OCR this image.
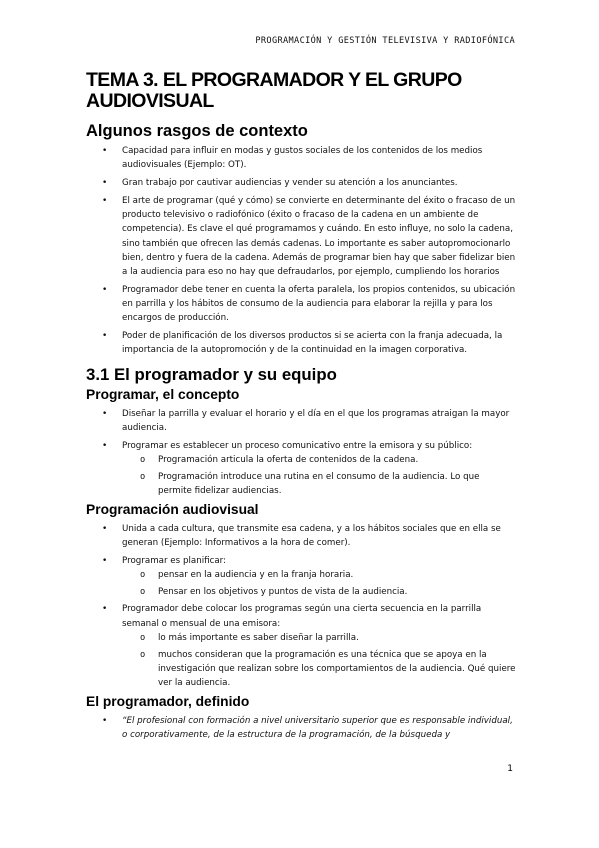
PROGRAMACIÓN Y GESTIÓN TELEVISIVA Y RADIOFÓNICA
TEMA 3. EL PROGRAMADOR Y EL GRUPO AUDIOVISUAL
Algunos rasgos de contexto
• Capacidad para influir en modas y gustos sociales de los contenidos de los medios audiovisuales (Ejemplo: OT).
• Gran trabajo por cautivar audiencias y vender su atención a los anunciantes.
• El arte de programar (qué y cómo) se convierte en determinante del éxito o fracaso de un producto televisivo o radiofónico (éxito o fracaso de la cadena en un ambiente de competencia). Es clave el qué programamos y cuándo. En esto influye, no solo la cadena, sino también que ofrecen las demás cadenas. Lo importante es saber autopromocionarlo bien, dentro y fuera de la cadena. Además de programar bien hay que saber fidelizar bien a la audiencia para eso no hay que defraudarlos, por ejemplo, cumpliendo los horarios
• Programador debe tener en cuenta la oferta paralela, los propios contenidos, su ubicación en parrilla y los hábitos de consumo de la audiencia para elaborar la rejilla y para los encargos de producción.
• Poder de planificación de los diversos productos si se acierta con la franja adecuada, la importancia de la autopromoción y de la continuidad en la imagen corporativa.
3.1 El programador y su equipo
Programar, el concepto
• Diseñar la parrilla y evaluar el horario y el día en el que los programas atraigan la mayor audiencia.
• Programar es establecer un proceso comunicativo entre la emisora y su público:
o Programación articula la oferta de contenidos de la cadena.
o Programación introduce una rutina en el consumo de la audiencia. Lo que permite fidelizar audiencias.
Programación audiovisual
• Unida a cada cultura, que transmite esa cadena, y a los hábitos sociales que en ella se generan (Ejemplo: Informativos a la hora de comer).
• Programar es planificar:
o pensar en la audiencia y en la franja horaria.
o Pensar en los objetivos y puntos de vista de la audiencia.
• Programador debe colocar los programas según una cierta secuencia en la parrilla semanal o mensual de una emisora:
o lo más importante es saber diseñar la parrilla.
o muchos consideran que la programación es una técnica que se apoya en la investigación que realizan sobre los comportamientos de la audiencia. Qué quiere ver la audiencia.
El programador, definido
• “El profesional con formación a nivel universitario superior que es responsable individual, o corporativamente, de la estructura de la programación, de la búsqueda y
1
